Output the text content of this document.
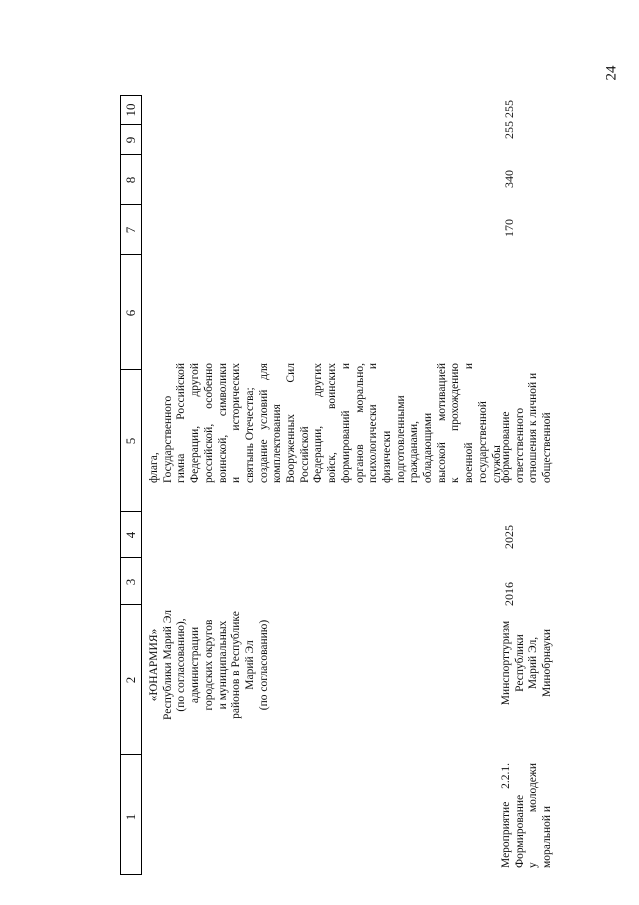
24
1
2
3
4
5
6
7
8
9
10
«ЮНАРМИЯ» Республики Марий Эл (по согласованию), администрации городских округов и муниципальных районов в Республике Марий Эл (по согласованию)
флага, Государственного гимна
Российской
Федерации,
другой
российской,
особенно
воинской,
символики
и
исторических святынь Отечества; создание
условий
для
комплектования Вооруженных
Сил
Российской Федерации,
других
войск,
воинских
формирований
и
органов
морально,
психологически
и
физически подготовленными гражданами, обладающими высокой
мотивацией
к
прохождению
военной
и
государственной службы
Мероприятие
2.2.1.
Формирование у
молодежи
моральной и
Минспорттуризм Республики Марий Эл, Минобрнауки
2016
2025
формирование ответственного отношения к личной и общественной
170
340
255
255
